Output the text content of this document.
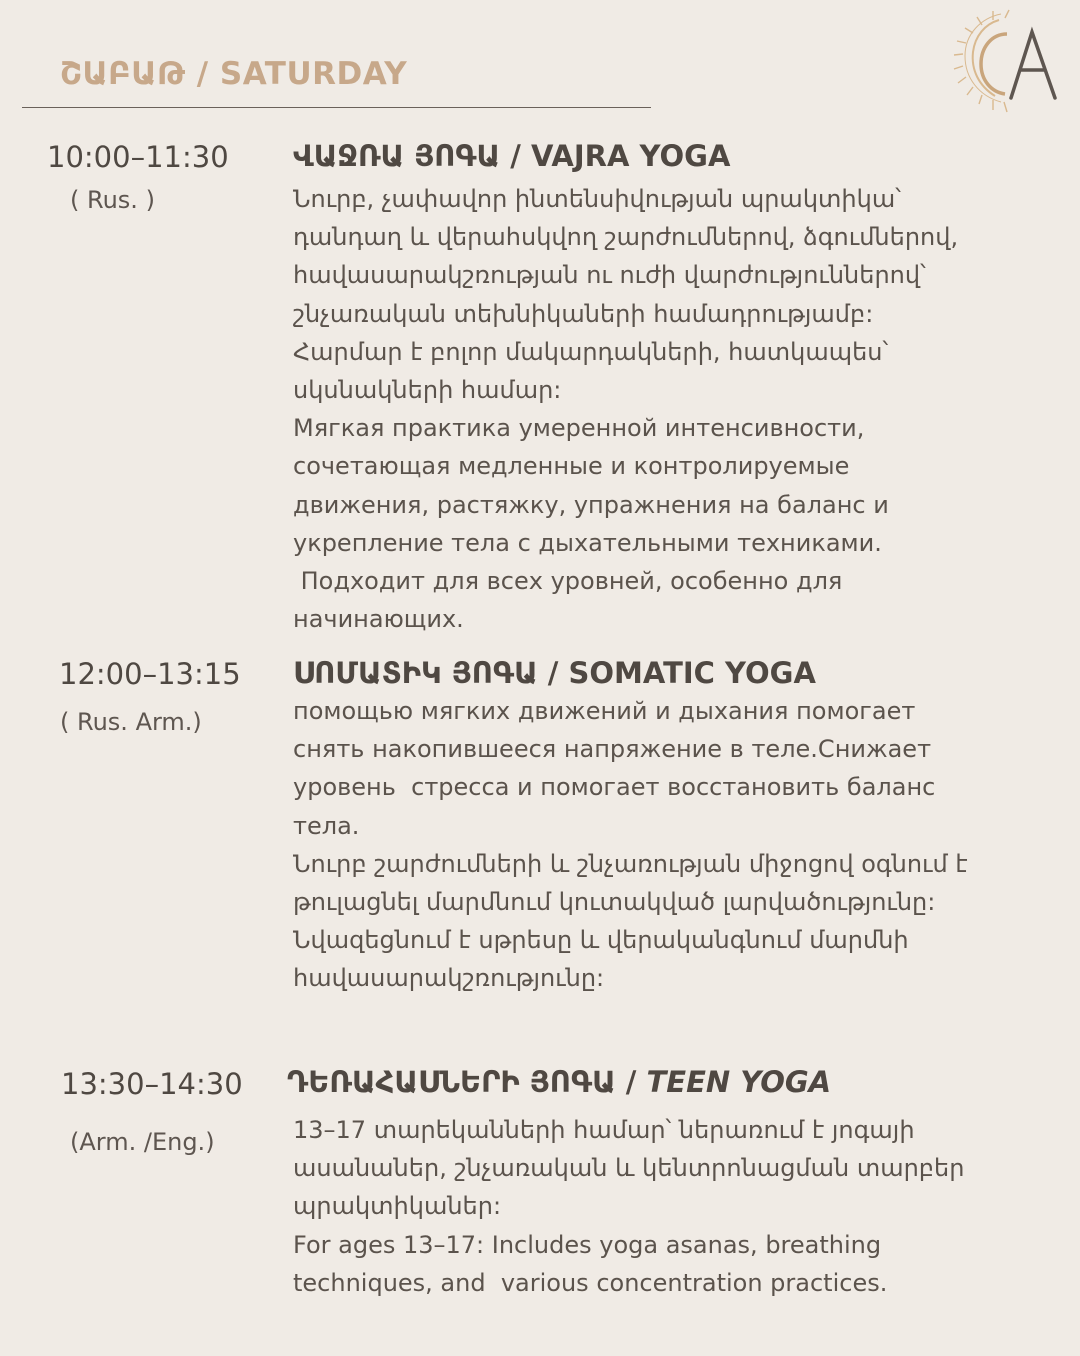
ՇԱԲԱԹ / SATURDAY
10:00–11:30
( Rus. )
ՎԱՋՌԱ ՅՈԳԱ / VAJRA YOGA

Նուրբ, չափավոր ինտենսիվության պրակտիկա՝

դանդաղ և վերահսկվող շարժումներով, ձգումներով,

հավասարակշռության ու ուժի վարժություններով՝

շնչառական տեխնիկաների համադրությամբ:

Հարմար է բոլոր մակարդակների, հատկապես՝

սկսնակների համար:

Мягкая практика умеренной интенсивности,

сочетающая медленные и контролируемые

движения, растяжку, упражнения на баланс и

укрепление тела с дыхательными техниками.

Подходит для всех уровней, особенно для

начинающих.

12:00–13:15
( Rus. Arm.)
ՍՈՄԱՏԻԿ ՅՈԳԱ / SOMATIC YOGA

помощью мягких движений и дыхания помогает

снять накопившееся напряжение в теле.Снижает

уровень  стресса и помогает восстановить баланс

тела.

Նուրբ շարժումների և շնչառության միջոցով օգնում է

թուլացնել մարմնում կուտակված լարվածությունը:

Նվազեցնում է սթրեսը և վերականգնում մարմնի

հավասարակշռությունը:

13:30–14:30
(Arm. /Eng.)
ԴԵՌԱՀԱՍՆԵՐԻ ՅՈԳԱ / TEEN YOGA

13–17 տարեկանների համար՝ ներառում է յոգայի

ասանաներ, շնչառական և կենտրոնացման տարբեր

պրակտիկաներ:

For ages 13–17: Includes yoga asanas, breathing

techniques, and  various concentration practices.
